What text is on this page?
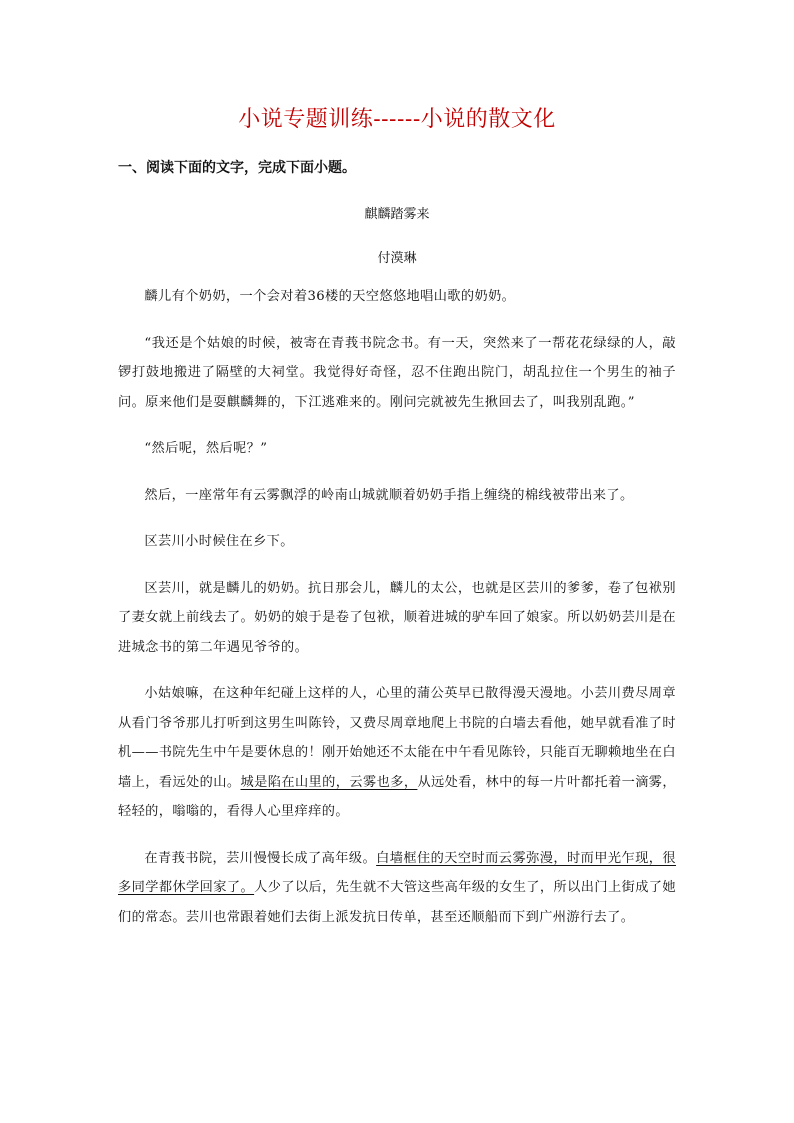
小说专题训练------小说的散文化
一、阅读下面的文字，完成下面小题。
麒麟踏雾来
付漠琳

麟儿有个奶奶，一个会对着36楼的天空悠悠地唱山歌的奶奶。

“我还是个姑娘的时候，被寄在青莪书院念书。有一天，突然来了一帮花花绿绿的人，敲锣打鼓地搬进了隔壁的大祠堂。我觉得好奇怪，忍不住跑出院门，胡乱拉住一个男生的袖子问。原来他们是耍麒麟舞的，下江逃难来的。刚问完就被先生揪回去了，叫我别乱跑。”

“然后呢，然后呢？”

然后，一座常年有云雾飘浮的岭南山城就顺着奶奶手指上缠绕的棉线被带出来了。

区芸川小时候住在乡下。

区芸川，就是麟儿的奶奶。抗日那会儿，麟儿的太公，也就是区芸川的爹爹，卷了包袱别了妻女就上前线去了。奶奶的娘于是卷了包袱，顺着进城的驴车回了娘家。所以奶奶芸川是在进城念书的第二年遇见爷爷的。

小姑娘嘛，在这种年纪碰上这样的人，心里的蒲公英早已散得漫天漫地。小芸川费尽周章从看门爷爷那儿打听到这男生叫陈铃，又费尽周章地爬上书院的白墙去看他，她早就看准了时机——书院先生中午是要休息的！刚开始她还不太能在中午看见陈铃，只能百无聊赖地坐在白墙上，看远处的山。城是陷在山里的，云雾也多，从远处看，林中的每一片叶都托着一滴雾，轻轻的，嗡嗡的，看得人心里痒痒的。

在青莪书院，芸川慢慢长成了高年级。白墙框住的天空时而云雾弥漫，时而甲光乍现，很多同学都休学回家了。人少了以后，先生就不大管这些高年级的女生了，所以出门上街成了她们的常态。芸川也常跟着她们去街上派发抗日传单，甚至还顺船而下到广州游行去了。
